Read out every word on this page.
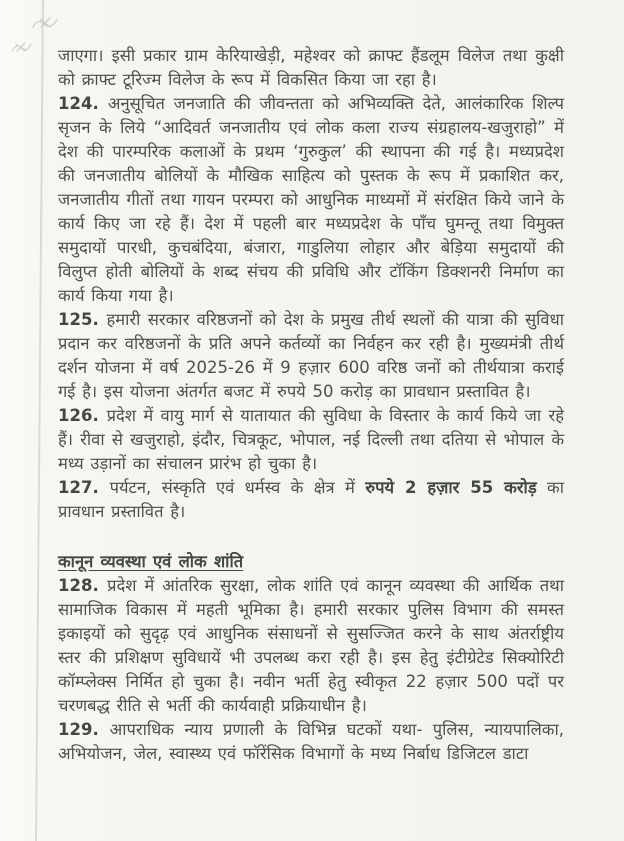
जाएगा। इसी प्रकार ग्राम केरियाखेड़ी, महेश्वर को क्राफ्ट हैंडलूम विलेज तथा कुक्षी को क्राफ्ट टूरिज्म विलेज के रूप में विकसित किया जा रहा है।

124. अनुसूचित जनजाति की जीवन्तता को अभिव्यक्ति देते, आलंकारिक शिल्प सृजन के लिये “आदिवर्त जनजातीय एवं लोक कला राज्य संग्रहालय-खजुराहो” में देश की पारम्परिक कलाओं के प्रथम ‘गुरुकुल’ की स्थापना की गई है। मध्यप्रदेश की जनजातीय बोलियों के मौखिक साहित्य को पुस्तक के रूप में प्रकाशित कर, जनजातीय गीतों तथा गायन परम्परा को आधुनिक माध्यमों में संरक्षित किये जाने के कार्य किए जा रहे हैं। देश में पहली बार मध्यप्रदेश के पाँच घुमन्तू तथा विमुक्त समुदायों पारधी, कुचबंदिया, बंजारा, गाडुलिया लोहार और बेड़िया समुदायों की विलुप्त होती बोलियों के शब्द संचय की प्रविधि और टॉकिंग डिक्शनरी निर्माण का कार्य किया गया है।

125. हमारी सरकार वरिष्ठजनों को देश के प्रमुख तीर्थ स्थलों की यात्रा की सुविधा प्रदान कर वरिष्ठजनों के प्रति अपने कर्तव्यों का निर्वहन कर रही है। मुख्यमंत्री तीर्थ दर्शन योजना में वर्ष 2025-26 में 9 हज़ार 600 वरिष्ठ जनों को तीर्थयात्रा कराई गई है। इस योजना अंतर्गत बजट में रुपये 50 करोड़ का प्रावधान प्रस्तावित है।

126. प्रदेश में वायु मार्ग से यातायात की सुविधा के विस्तार के कार्य किये जा रहे हैं। रीवा से खजुराहो, इंदौर, चित्रकूट, भोपाल, नई दिल्ली तथा दतिया से भोपाल के मध्य उड़ानों का संचालन प्रारंभ हो चुका है।

127. पर्यटन, संस्कृति एवं धर्मस्व के क्षेत्र में रुपये 2 हज़ार 55 करोड़ का प्रावधान प्रस्तावित है।

कानून व्यवस्था एवं लोक शांति

128. प्रदेश में आंतरिक सुरक्षा, लोक शांति एवं कानून व्यवस्था की आर्थिक तथा सामाजिक विकास में महती भूमिका है। हमारी सरकार पुलिस विभाग की समस्त इकाइयों को सुदृढ़ एवं आधुनिक संसाधनों से सुसज्जित करने के साथ अंतर्राष्ट्रीय स्तर की प्रशिक्षण सुविधायें भी उपलब्ध करा रही है। इस हेतु इंटीग्रेटेड सिक्योरिटी कॉम्प्लेक्स निर्मित हो चुका है। नवीन भर्ती हेतु स्वीकृत 22 हज़ार 500 पदों पर चरणबद्ध रीति से भर्ती की कार्यवाही प्रक्रियाधीन है।

129. आपराधिक न्याय प्रणाली के विभिन्न घटकों यथा- पुलिस, न्यायपालिका, अभियोजन, जेल, स्वास्थ्य एवं फॉरेंसिक विभागों के मध्य निर्बाध डिजिटल डाटा
